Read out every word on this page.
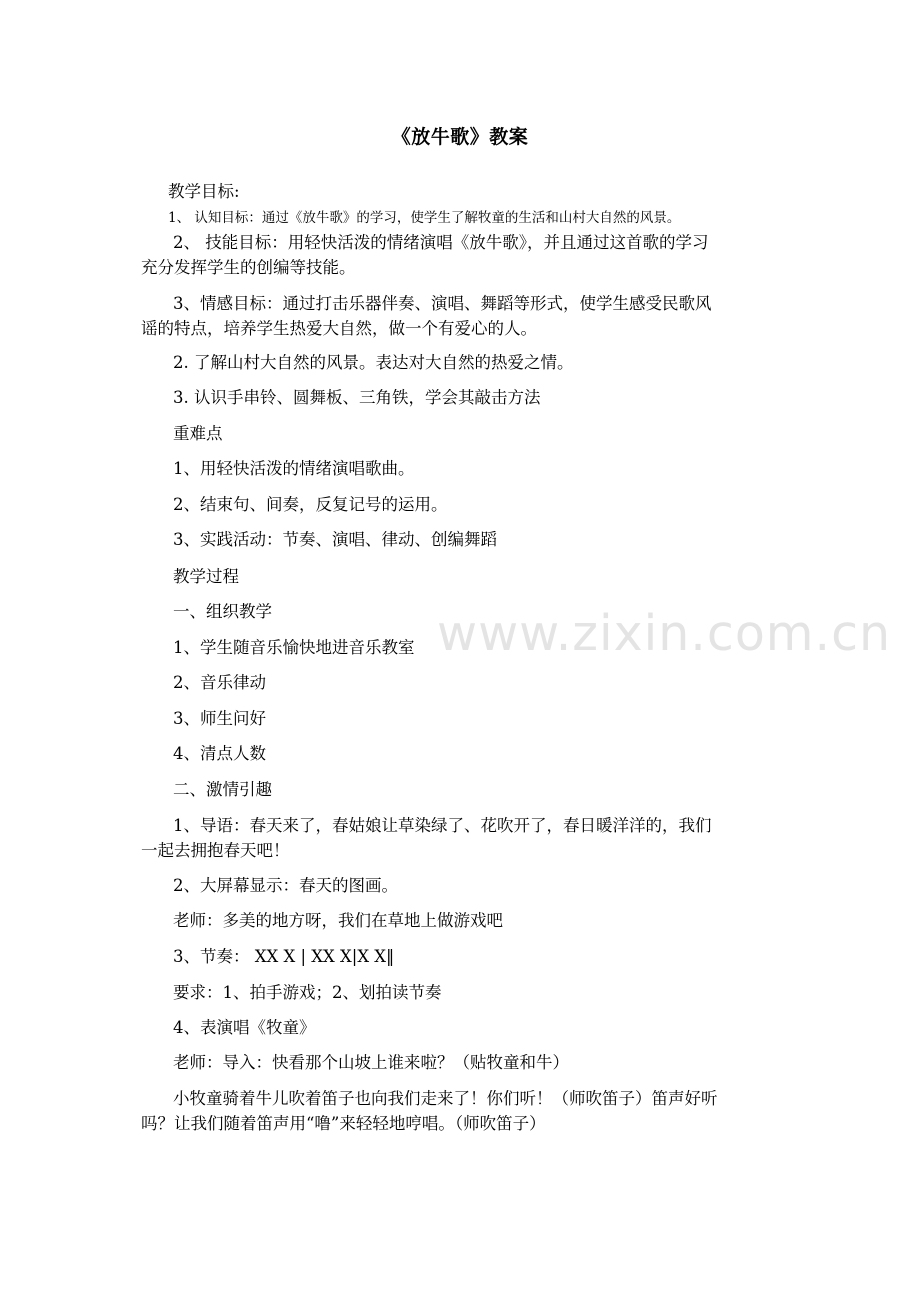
www.zixin.com.cn
《放牛歌》教案
教学目标:
1、 认知目标：通过《放牛歌》的学习，使学生了解牧童的生活和山村大自然的风景。
2、 技能目标：用轻快活泼的情绪演唱《放牛歌》，并且通过这首歌的学习
充分发挥学生的创编等技能。
3、情感目标：通过打击乐器伴奏、演唱、舞蹈等形式，使学生感受民歌风
谣的特点，培养学生热爱大自然，做一个有爱心的人。
2. 了解山村大自然的风景。表达对大自然的热爱之情。
3. 认识手串铃、圆舞板、三角铁，学会其敲击方法
重难点
1、用轻快活泼的情绪演唱歌曲。
2、结束句、间奏，反复记号的运用。
3、实践活动：节奏、演唱、律动、创编舞蹈
教学过程
一、组织教学
1、学生随音乐愉快地进音乐教室
2、音乐律动
3、师生问好
4、清点人数
二、激情引趣
1、导语：春天来了，春姑娘让草染绿了、花吹开了，春日暖洋洋的，我们
一起去拥抱春天吧！
2、大屏幕显示：春天的图画。
老师：多美的地方呀，我们在草地上做游戏吧
3、节奏： XX X | XX X|X X‖
要求：1、拍手游戏；2、划拍读节奏
4、表演唱《牧童》
老师：导入：快看那个山坡上谁来啦？（贴牧童和牛）
小牧童骑着牛儿吹着笛子也向我们走来了！你们听！（师吹笛子）笛声好听
吗？让我们随着笛声用“噜”来轻轻地哼唱。（师吹笛子）
